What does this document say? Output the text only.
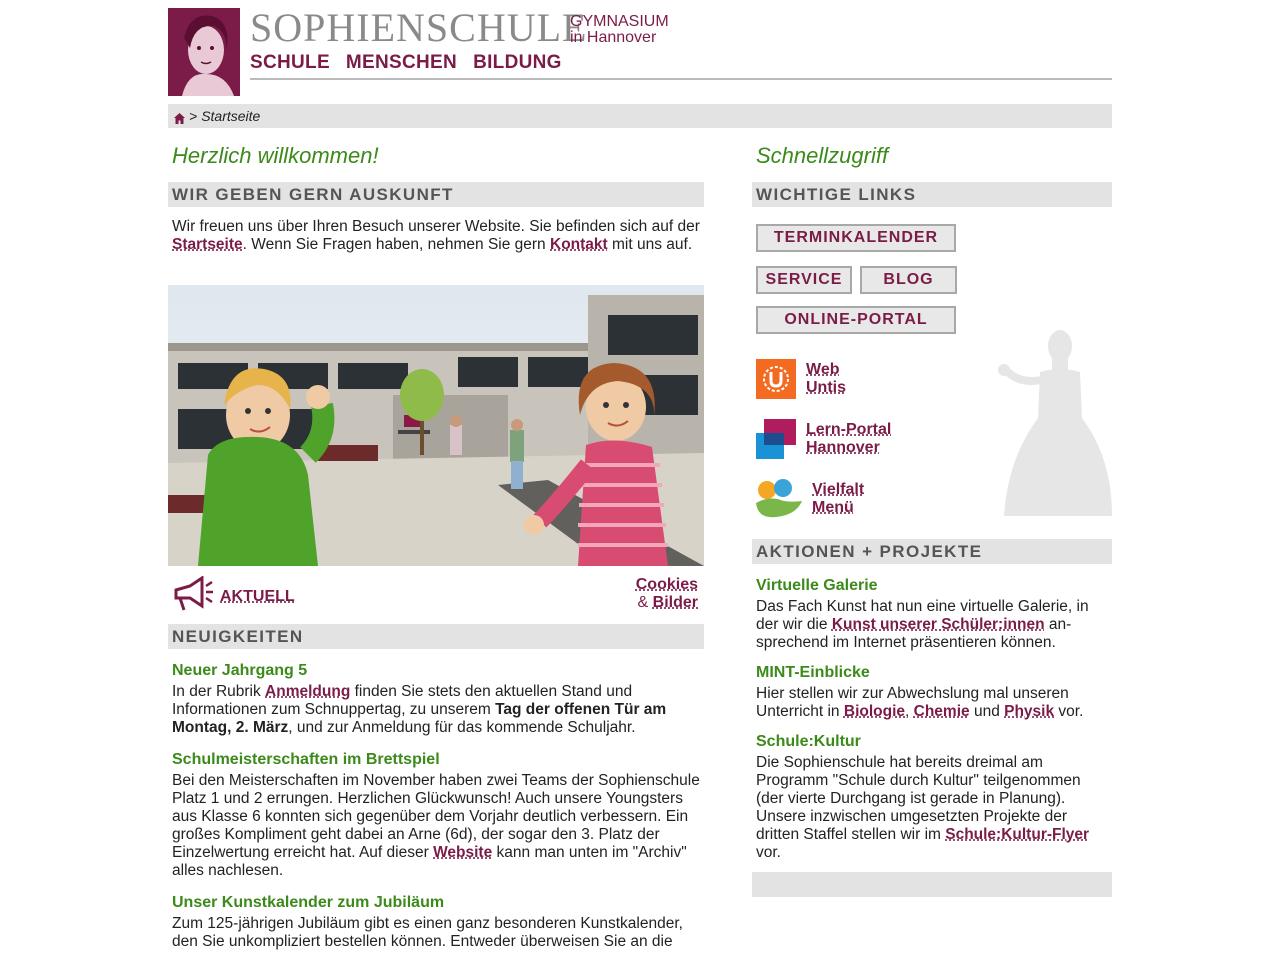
SOPHIENSCHULE
GYMNASIUM
in Hannover
SCHULE MENSCHEN BILDUNG
> Startseite
Herzlich willkommen!
WIR GEBEN GERN AUSKUNFT

Wir freuen uns über Ihren Besuch unserer Website. Sie befinden sich auf der Startseite. Wenn Sie Fragen haben, nehmen Sie gern Kontakt mit uns auf.

AKTUELL
Cookies
& Bilder
NEUIGKEITEN
Neuer Jahrgang 5

In der Rubrik Anmeldung finden Sie stets den aktuellen Stand und Informationen zum Schnuppertag, zu unserem Tag der offenen Tür am Montag, 2. März, und zur Anmeldung für das kommende Schuljahr.

Schulmeisterschaften im Brettspiel

Bei den Meisterschaften im November haben zwei Teams der Sophienschule Platz 1 und 2 errungen. Herzlichen Glückwunsch! Auch unsere Youngsters aus Klasse 6 konnten sich gegenüber dem Vorjahr deutlich verbessern. Ein großes Kompliment geht dabei an Arne (6d), der sogar den 3. Platz der Einzelwertung erreicht hat. Auf dieser Website kann man unten im "Archiv" alles nachlesen.

Unser Kunstkalender zum Jubiläum

Zum 125-jährigen Jubiläum gibt es einen ganz besonderen Kunstkalender, den Sie unkompliziert bestellen können. Entweder überweisen Sie an die

Schnellzugriff
WICHTIGE LINKS
TERMINKALENDER
SERVICE	BLOG
ONLINE-PORTAL
Web
Untis
Lern-Portal
Hannover
Vielfalt
Menü
AKTIONEN + PROJEKTE
Virtuelle Galerie

Das Fach Kunst hat nun eine virtuelle Galerie, in der wir die Kunst unserer Schüler:innen ansprechend im Internet präsentieren können.

MINT-Einblicke

Hier stellen wir zur Abwechslung mal unseren Unterricht in Biologie, Chemie und Physik vor.

Schule:Kultur

Die Sophienschule hat bereits dreimal am Programm "Schule durch Kultur" teilgenommen (der vierte Durchgang ist gerade in Planung). Unsere inzwischen umgesetzten Projekte der dritten Staffel stellen wir im Schule:Kultur-Flyer vor.
